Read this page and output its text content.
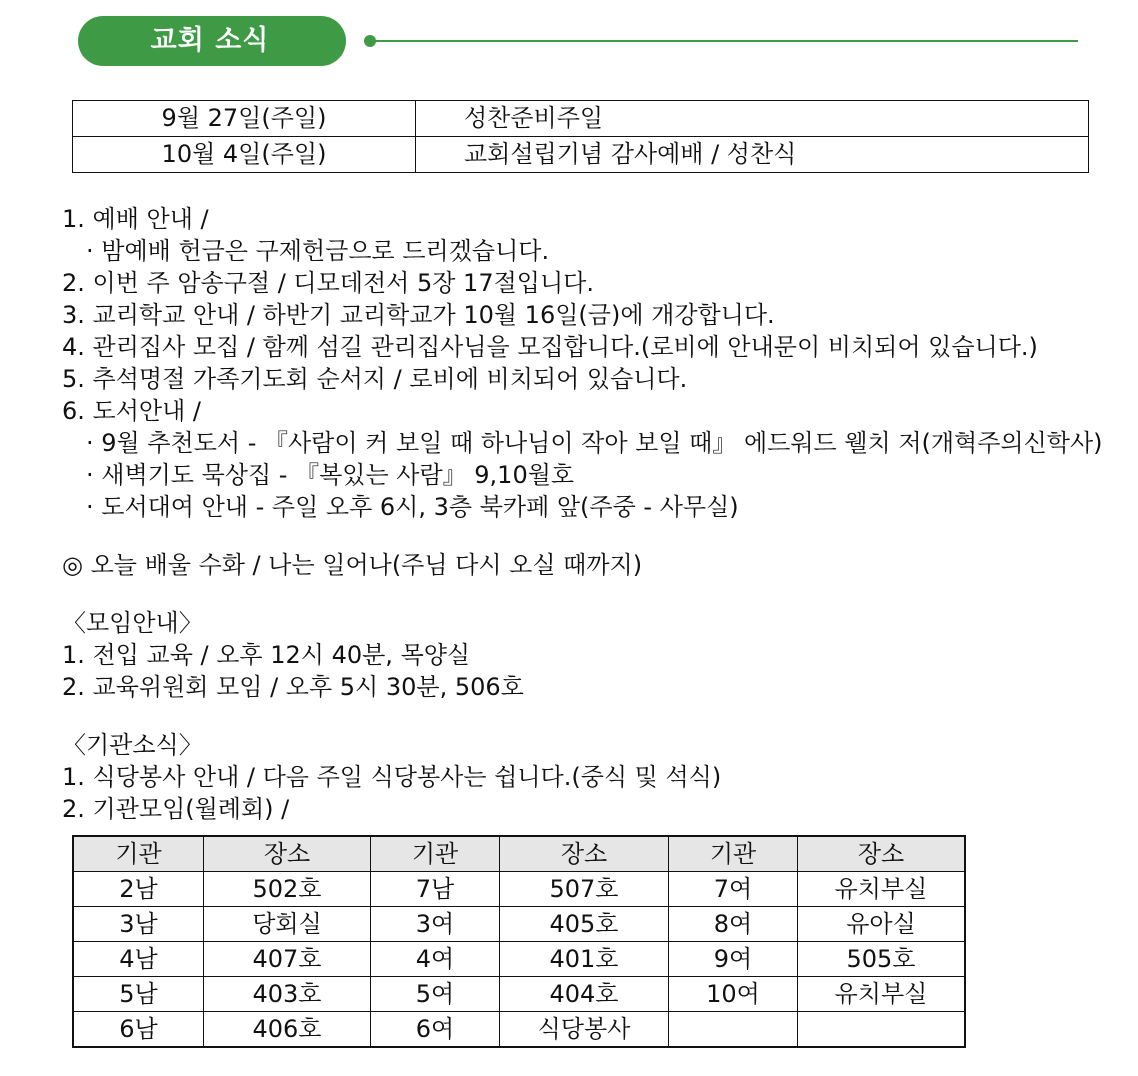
교회 소식
9월 27일(주일)	성찬준비주일
10월 4일(주일)	교회설립기념 감사예배 / 성찬식
1. 예배 안내 /
· 밤예배 헌금은 구제헌금으로 드리겠습니다.
2. 이번 주 암송구절 / 디모데전서 5장 17절입니다.
3. 교리학교 안내 / 하반기 교리학교가 10월 16일(금)에 개강합니다.
4. 관리집사 모집 / 함께 섬길 관리집사님을 모집합니다.(로비에 안내문이 비치되어 있습니다.)
5. 추석명절 가족기도회 순서지 / 로비에 비치되어 있습니다.
6. 도서안내 /
· 9월 추천도서 - 『사람이 커 보일 때 하나님이 작아 보일 때』 에드워드 웰치 저(개혁주의신학사)
· 새벽기도 묵상집 - 『복있는 사람』 9,10월호
· 도서대여 안내 - 주일 오후 6시, 3층 북카페 앞(주중 - 사무실)
◎ 오늘 배울 수화 / 나는 일어나(주님 다시 오실 때까지)
〈모임안내〉
1. 전입 교육 / 오후 12시 40분, 목양실
2. 교육위원회 모임 / 오후 5시 30분, 506호
〈기관소식〉
1. 식당봉사 안내 / 다음 주일 식당봉사는 쉽니다.(중식 및 석식)
2. 기관모임(월례회) /
기관	장소	기관	장소	기관	장소
2남	502호	7남	507호	7여	유치부실
3남	당회실	3여	405호	8여	유아실
4남	407호	4여	401호	9여	505호
5남	403호	5여	404호	10여	유치부실
6남	406호	6여	식당봉사		
